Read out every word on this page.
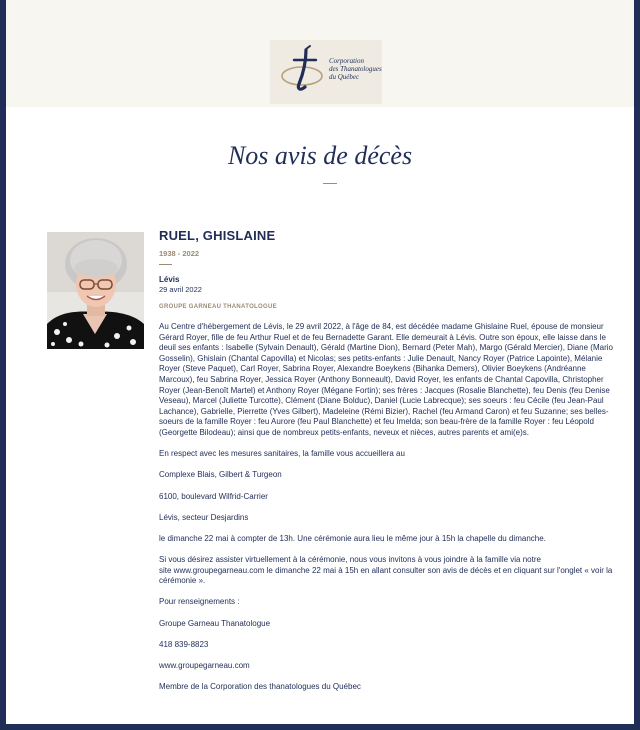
Corporation
des Thanatologues
du Québec
Nos avis de décès
RUEL, GHISLAINE
1938 - 2022
Lévis
29 avril 2022
GROUPE GARNEAU THANATOLOGUE

Au Centre d'hébergement de Lévis, le 29 avril 2022, à l'âge de 84, est décédée madame Ghislaine Ruel, épouse de monsieur Gérard Royer, fille de feu Arthur Ruel et de feu Bernadette Garant. Elle demeurait à Lévis. Outre son époux, elle laisse dans le deuil ses enfants : Isabelle (Sylvain Denault), Gérald (Martine Dion), Bernard (Peter Mah), Margo (Gérald Mercier), Diane (Mario Gosselin), Ghislain (Chantal Capovilla) et Nicolas; ses petits-enfants : Julie Denault, Nancy Royer (Patrice Lapointe), Mélanie Royer (Steve Paquet), Carl Royer, Sabrina Royer, Alexandre Boeykens (Bihanka Demers), Olivier Boeykens (Andréanne Marcoux), feu Sabrina Royer, Jessica Royer (Anthony Bonneault), David Royer, les enfants de Chantal Capovilla, Christopher Royer (Jean-Benoît Martel) et Anthony Royer (Mégane Fortin); ses frères : Jacques (Rosalie Blanchette), feu Denis (feu Denise Veseau), Marcel (Juliette Turcotte), Clément (Diane Bolduc), Daniel (Lucie Labrecque); ses soeurs : feu Cécile (feu Jean-Paul Lachance), Gabrielle, Pierrette (Yves Gilbert), Madeleine (Rémi Bizier), Rachel (feu Armand Caron) et feu Suzanne; ses belles-soeurs de la famille Royer : feu Aurore (feu Paul Blanchette) et feu Imelda; son beau-frère de la famille Royer : feu Léopold (Georgette Bilodeau); ainsi que de nombreux petits-enfants, neveux et nièces, autres parents et ami(e)s.

En respect avec les mesures sanitaires, la famille vous accueillera au

Complexe Blais, Gilbert & Turgeon

6100, boulevard Wilfrid-Carrier

Lévis, secteur Desjardins

le dimanche 22 mai à compter de 13h. Une cérémonie aura lieu le même jour à 15h la chapelle du dimanche.

Si vous désirez assister virtuellement à la cérémonie, nous vous invitons à vous joindre à la famille via notre

site www.groupegarneau.com le dimanche 22 mai à 15h en allant consulter son avis de décès et en cliquant sur l'onglet « voir la cérémonie ».

Pour renseignements :

Groupe Garneau Thanatologue

418 839-8823

www.groupegarneau.com

Membre de la Corporation des thanatologues du Québec
